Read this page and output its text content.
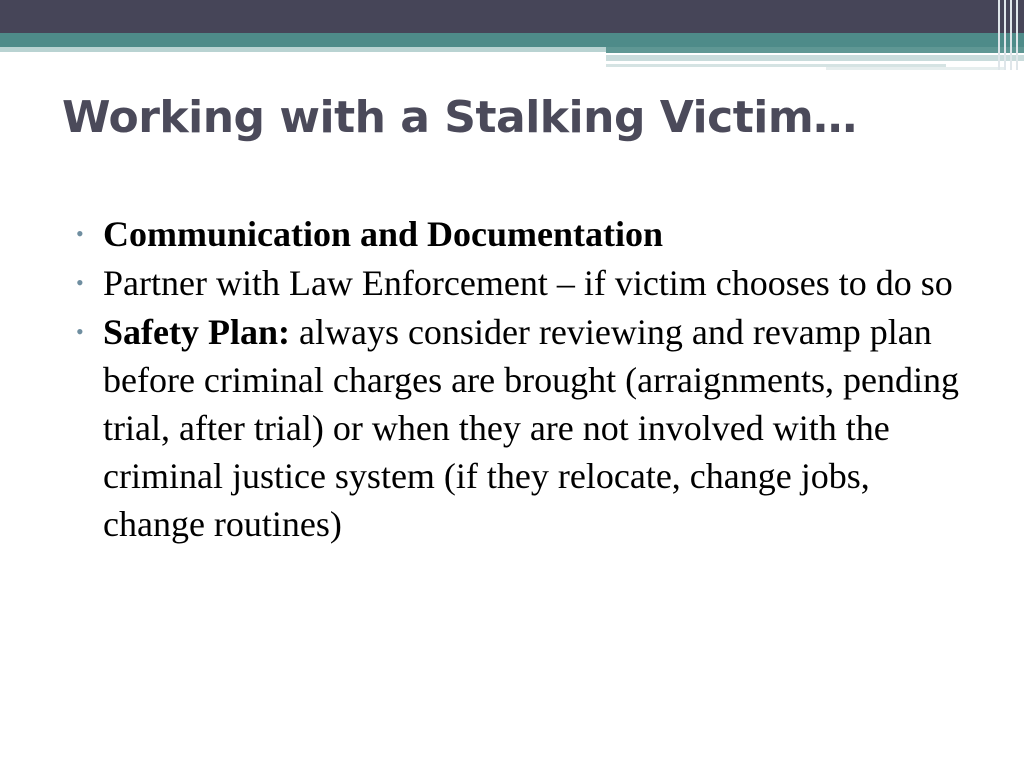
Working with a Stalking Victim…
• Communication and Documentation
• Partner with Law Enforcement – if victim chooses to do so
• Safety Plan: always consider reviewing and revamp plan before criminal charges are brought (arraignments, pending trial, after trial) or when they are not involved with the criminal justice system (if they relocate, change jobs, change routines)
